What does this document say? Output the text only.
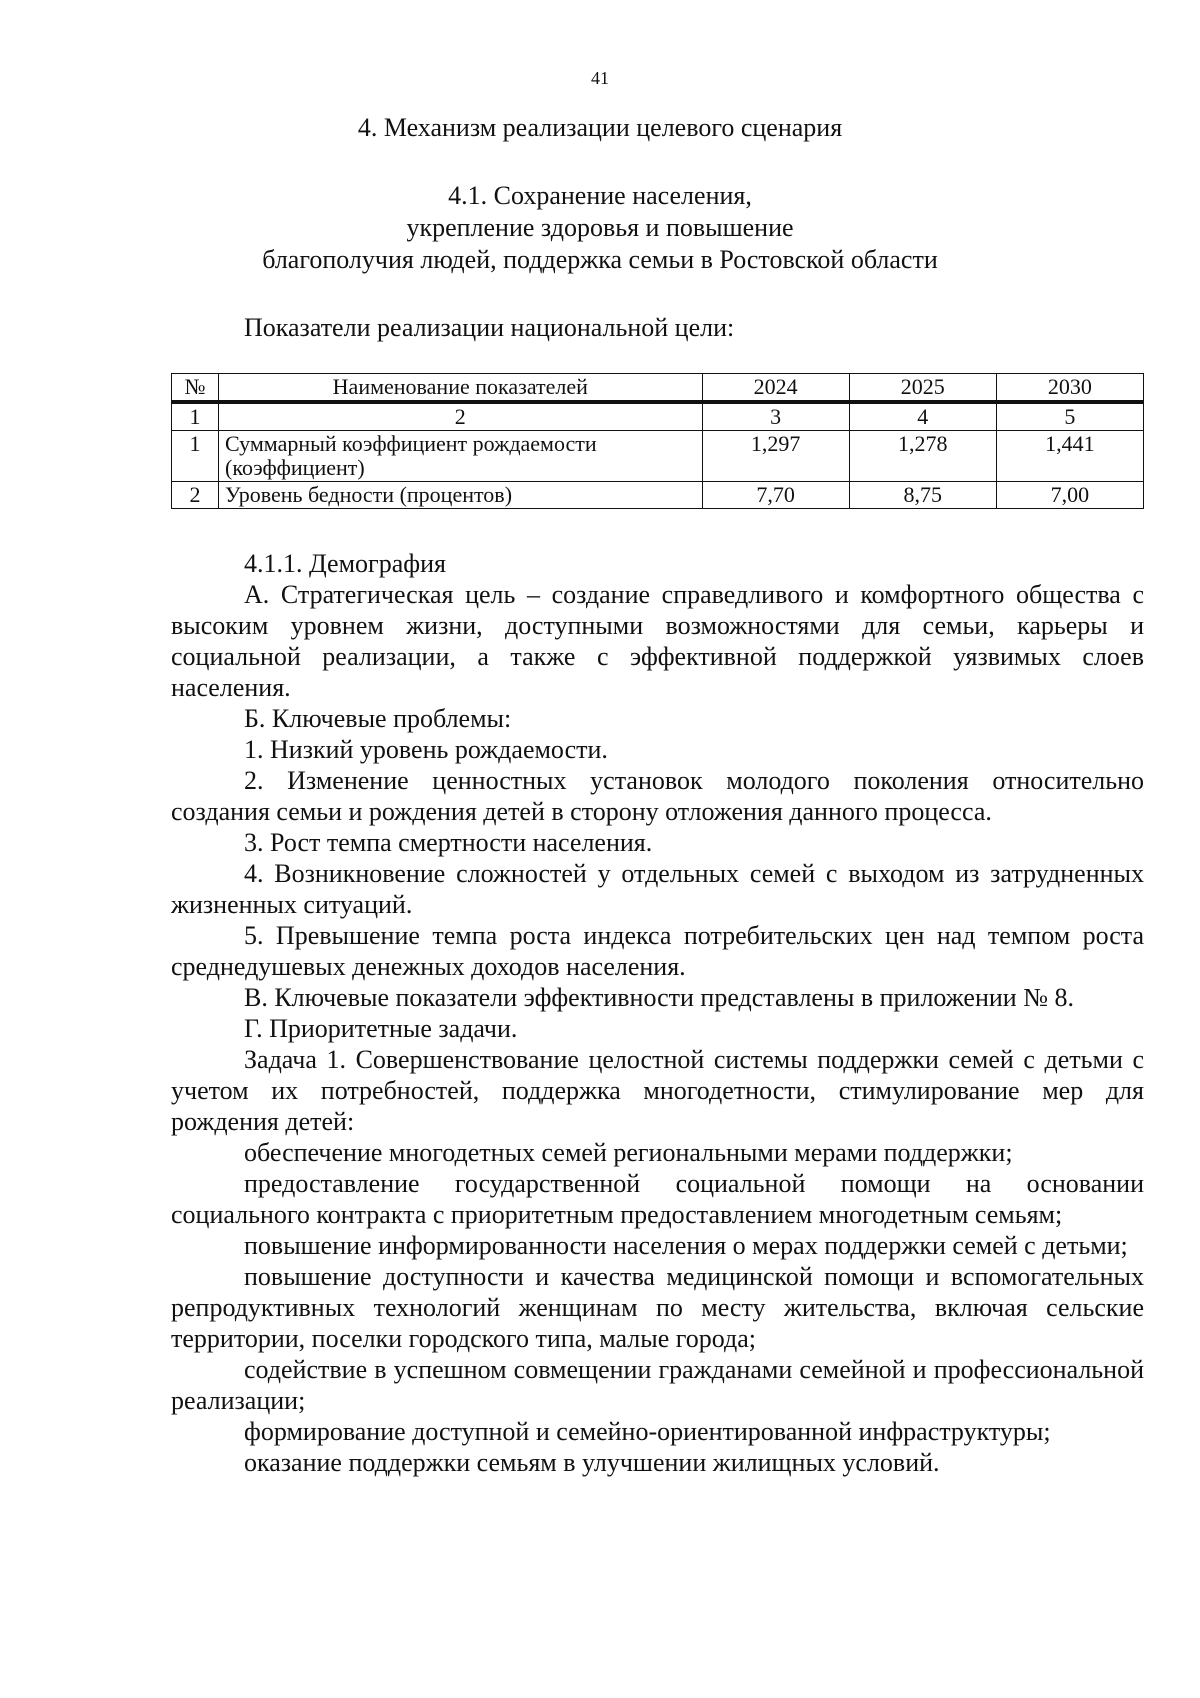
41
4. Механизм реализации целевого сценария
4.1. Сохранение населения,
укрепление здоровья и повышение
благополучия людей, поддержка семьи в Ростовской области
Показатели реализации национальной цели:
№	Наименование показателей	2024	2025	2030
1	2	3	4	5
1	Суммарный коэффициент рождаемости (коэффициент)	1,297	1,278	1,441
2	Уровень бедности (процентов)	7,70	8,75	7,00

4.1.1. Демография

А. Стратегическая цель – создание справедливого и комфортного общества с высоким уровнем жизни, доступными возможностями для семьи, карьеры и социальной реализации, а также с эффективной поддержкой уязвимых слоев населения.

Б. Ключевые проблемы:

1. Низкий уровень рождаемости.

2. Изменение ценностных установок молодого поколения относительно создания семьи и рождения детей в сторону отложения данного процесса.

3. Рост темпа смертности населения.

4. Возникновение сложностей у отдельных семей с выходом из затрудненных жизненных ситуаций.

5. Превышение темпа роста индекса потребительских цен над темпом роста среднедушевых денежных доходов населения.

В. Ключевые показатели эффективности представлены в приложении № 8.

Г. Приоритетные задачи.

Задача 1. Совершенствование целостной системы поддержки семей с детьми с учетом их потребностей, поддержка многодетности, стимулирование мер для рождения детей:

обеспечение многодетных семей региональными мерами поддержки;

предоставление государственной социальной помощи на основании социального контракта с приоритетным предоставлением многодетным семьям;

повышение информированности населения о мерах поддержки семей с детьми;

повышение доступности и качества медицинской помощи и вспомогательных репродуктивных технологий женщинам по месту жительства, включая сельские территории, поселки городского типа, малые города;

содействие в успешном совмещении гражданами семейной и профессиональной реализации;

формирование доступной и семейно-ориентированной инфраструктуры;

оказание поддержки семьям в улучшении жилищных условий.
